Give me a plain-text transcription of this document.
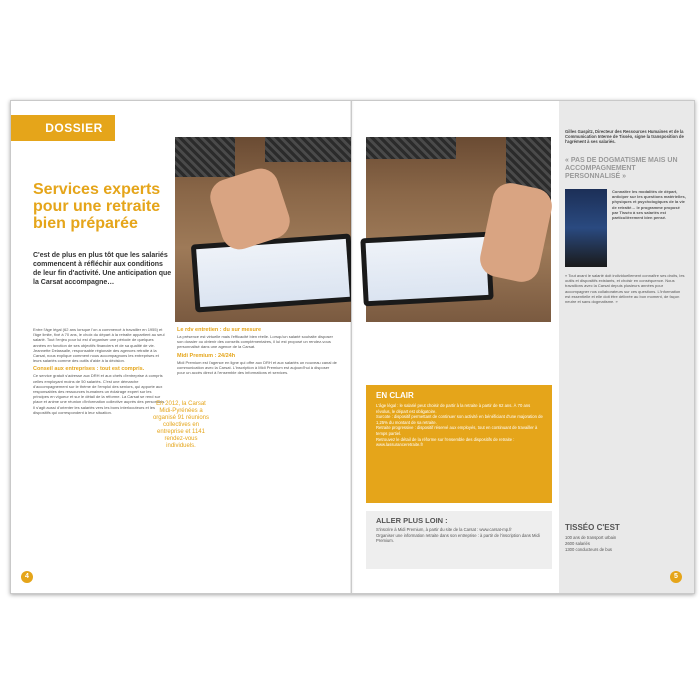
DOSSIER
Services experts pour une retraite bien préparée
C'est de plus en plus tôt que les salariés commencent à réfléchir aux conditions de leur fin d'activité. Une anticipation que la Carsat accompagne…
Entre l'âge légal (62 ans lorsque l'on a commencé à travailler en 1955) et l'âge limite, fixé à 70 ans, le choix du départ à la retraite appartient au seul salarié. Tout l'enjeu pour lui est d'organiser une période de quelques années en fonction de ses objectifs financiers et de sa qualité de vie. Jeannette Delassalle, responsable régionale des agences retraite à la Carsat, nous explique comment nous accompagnons les entreprises et leurs salariés comme des outils d'aide à la décision.
Conseil aux entreprises : tout est compris.
Ce service gratuit s'adresse aux DRH et aux chefs d'entreprise à compris celles employant moins de 50 salariés. C'est une démarche d'accompagnement sur le thème de l'emploi des seniors, qui apporte aux responsables des ressources humaines un éclairage expert sur les principes en vigueur et sur le détail de la réforme. La Carsat se rend sur place et anime une réunion d'information collective auprès des personnels. Il s'agit aussi d'orienter les salariés vers les bons interlocuteurs et les dispositifs qui correspondent à leur situation.
Le rdv entretien : du sur mesure
La présence est virtuelle mais l'efficacité bien réelle. Lorsqu'un salarié souhaite disposer son dossier ou obtenir des conseils complémentaires, il lui est proposé un rendez-vous personnalisé dans une agence de la Carsat.
Midi Premium : 24/24h
Midi Premium est l'agence en ligne qui offre aux DRH et aux salariés un nouveau canal de communication avec la Carsat. L'inscription à Midi Premium est aujourd'hui à disposer pour un accès direct à l'ensemble des informations et services.
En 2012, la Carsat Midi-Pyrénées a organisé 91 réunions collectives en entreprise et 1141 rendez-vous individuels.
4
Gilles Gaspitz, Directeur des Ressources Humaines et de la Communication Interne de Tisséo, signe la transposition de l'agrément à ses salariés.
« PAS DE DOGMATISME MAIS UN ACCOMPAGNEMENT PERSONNALISÉ »
Connaître les modalités de départ, anticiper sur les questions matérielles, physiques et psychologiques de la vie de retraité… le programme proposé par Tisséo à ses salariés est particulièrement bien pensé.
« Tout avant le salarié doit individuellement connaître ses droits, les outils et dispositifs existants, et choisir en conséquence. Nous travaillons avec la Carsat depuis plusieurs années pour accompagner nos collaborateurs sur ces questions. L'information est essentielle et elle doit être délivrée au bon moment, de façon neutre et sans dogmatisme. »
EN CLAIR
L'âge légal : le salarié peut choisir de partir à la retraite à partir de 62 ans. À 70 ans révolus, le départ est obligatoire.
Surcote : dispositif permettant de continuer son activité en bénéficiant d'une majoration de 1,25% du montant de sa retraite.
Retraite progressive : dispositif réservé aux employés, tout en continuant de travailler à temps partiel.
Retrouvez le détail de la réforme sur l'ensemble des dispositifs de retraite : www.lassuranceretraite.fr
ALLER PLUS LOIN :
S'inscrire à Midi Premium, à partir du site de la Carsat : www.carsat-mp.fr
Organiser une information retraite dans son entreprise : à partir de l'inscription dans Midi Premium.
TISSÉO C'EST
100 ans de transport urbain
2600 salariés
1300 conducteurs de bus
5
